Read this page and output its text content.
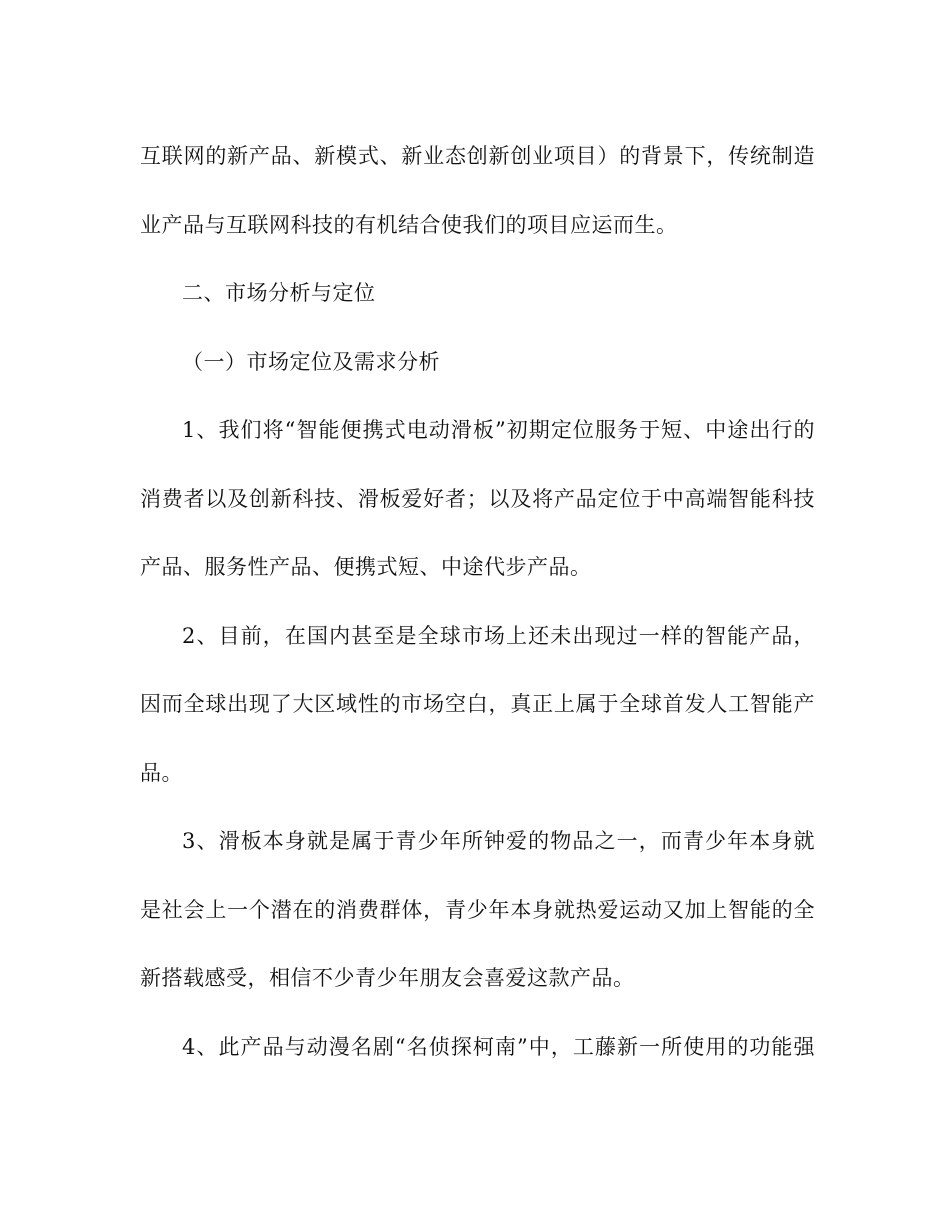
互联网的新产品、新模式、新业态创新创业项目）的背景下，传统制造
业产品与互联网科技的有机结合使我们的项目应运而生。
二、市场分析与定位
（一）市场定位及需求分析
1、我们将“智能便携式电动滑板”初期定位服务于短、中途出行的
消费者以及创新科技、滑板爱好者；以及将产品定位于中高端智能科技
产品、服务性产品、便携式短、中途代步产品。
2、目前，在国内甚至是全球市场上还未出现过一样的智能产品，
因而全球出现了大区域性的市场空白，真正上属于全球首发人工智能产
品。
3、滑板本身就是属于青少年所钟爱的物品之一，而青少年本身就
是社会上一个潜在的消费群体，青少年本身就热爱运动又加上智能的全
新搭载感受，相信不少青少年朋友会喜爱这款产品。
4、此产品与动漫名剧“名侦探柯南”中，工藤新一所使用的功能强
